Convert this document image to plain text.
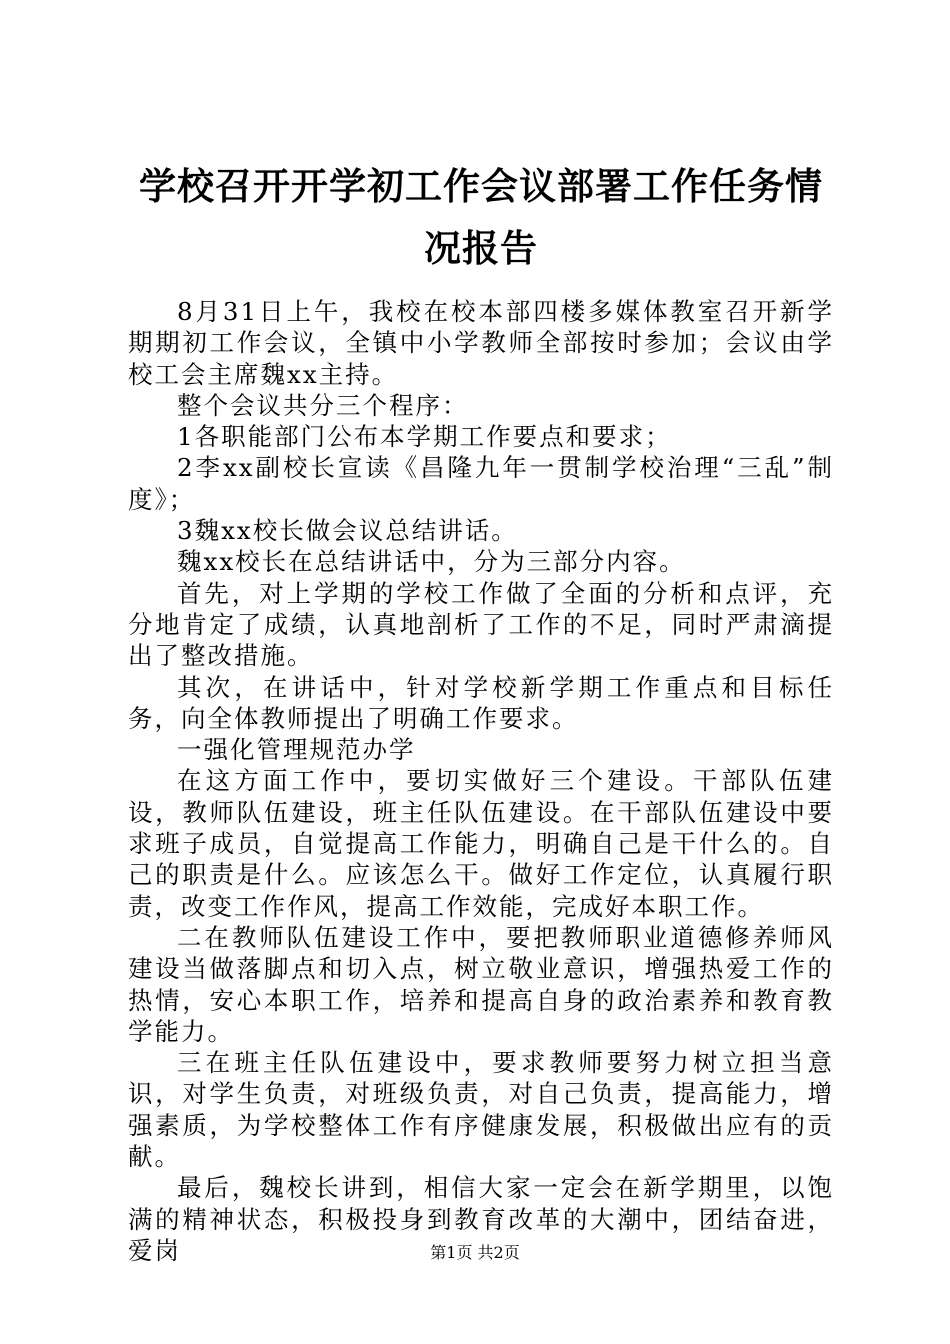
学校召开开学初工作会议部署工作任务情况报告

8月31日上午，我校在校本部四楼多媒体教室召开新学期期初工作会议，全镇中小学教师全部按时参加；会议由学校工会主席魏xx主持。

整个会议共分三个程序：

1各职能部门公布本学期工作要点和要求；

2李xx副校长宣读《昌隆九年一贯制学校治理“三乱”制度》；

3魏xx校长做会议总结讲话。

魏xx校长在总结讲话中，分为三部分内容。

首先，对上学期的学校工作做了全面的分析和点评，充分地肯定了成绩，认真地剖析了工作的不足，同时严肃滴提出了整改措施。

其次，在讲话中，针对学校新学期工作重点和目标任务，向全体教师提出了明确工作要求。

一强化管理规范办学

在这方面工作中，要切实做好三个建设。干部队伍建设，教师队伍建设，班主任队伍建设。在干部队伍建设中要求班子成员，自觉提高工作能力，明确自己是干什么的。自己的职责是什么。应该怎么干。做好工作定位，认真履行职责，改变工作作风，提高工作效能，完成好本职工作。

二在教师队伍建设工作中，要把教师职业道德修养师风建设当做落脚点和切入点，树立敬业意识，增强热爱工作的热情，安心本职工作，培养和提高自身的政治素养和教育教学能力。

三在班主任队伍建设中，要求教师要努力树立担当意识，对学生负责，对班级负责，对自己负责，提高能力，增强素质，为学校整体工作有序健康发展，积极做出应有的贡献。

最后，魏校长讲到，相信大家一定会在新学期里，以饱满的精神状态，积极投身到教育改革的大潮中，团结奋进，爱岗	第1页 共2页
